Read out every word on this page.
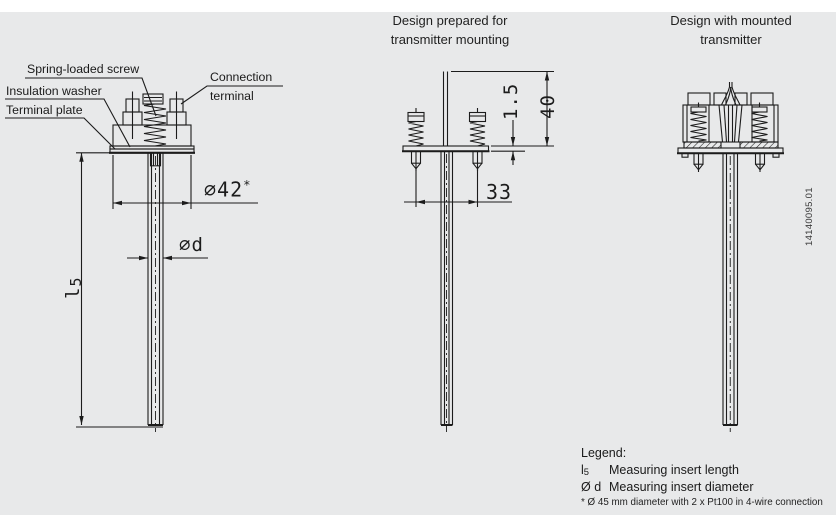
Spring-loaded screw
Insulation washer
Terminal plate
Connection
terminal
Design prepared for
transmitter mounting
Design with mounted
transmitter
∅42*
∅d
$l_5$
1.5 40
33
Legend:
$l_5$	Measuring insert length
Ø d Measuring insert diameter
* Ø 45 mm diameter with 2 x Pt100 in 4-wire connection
14140095.01
